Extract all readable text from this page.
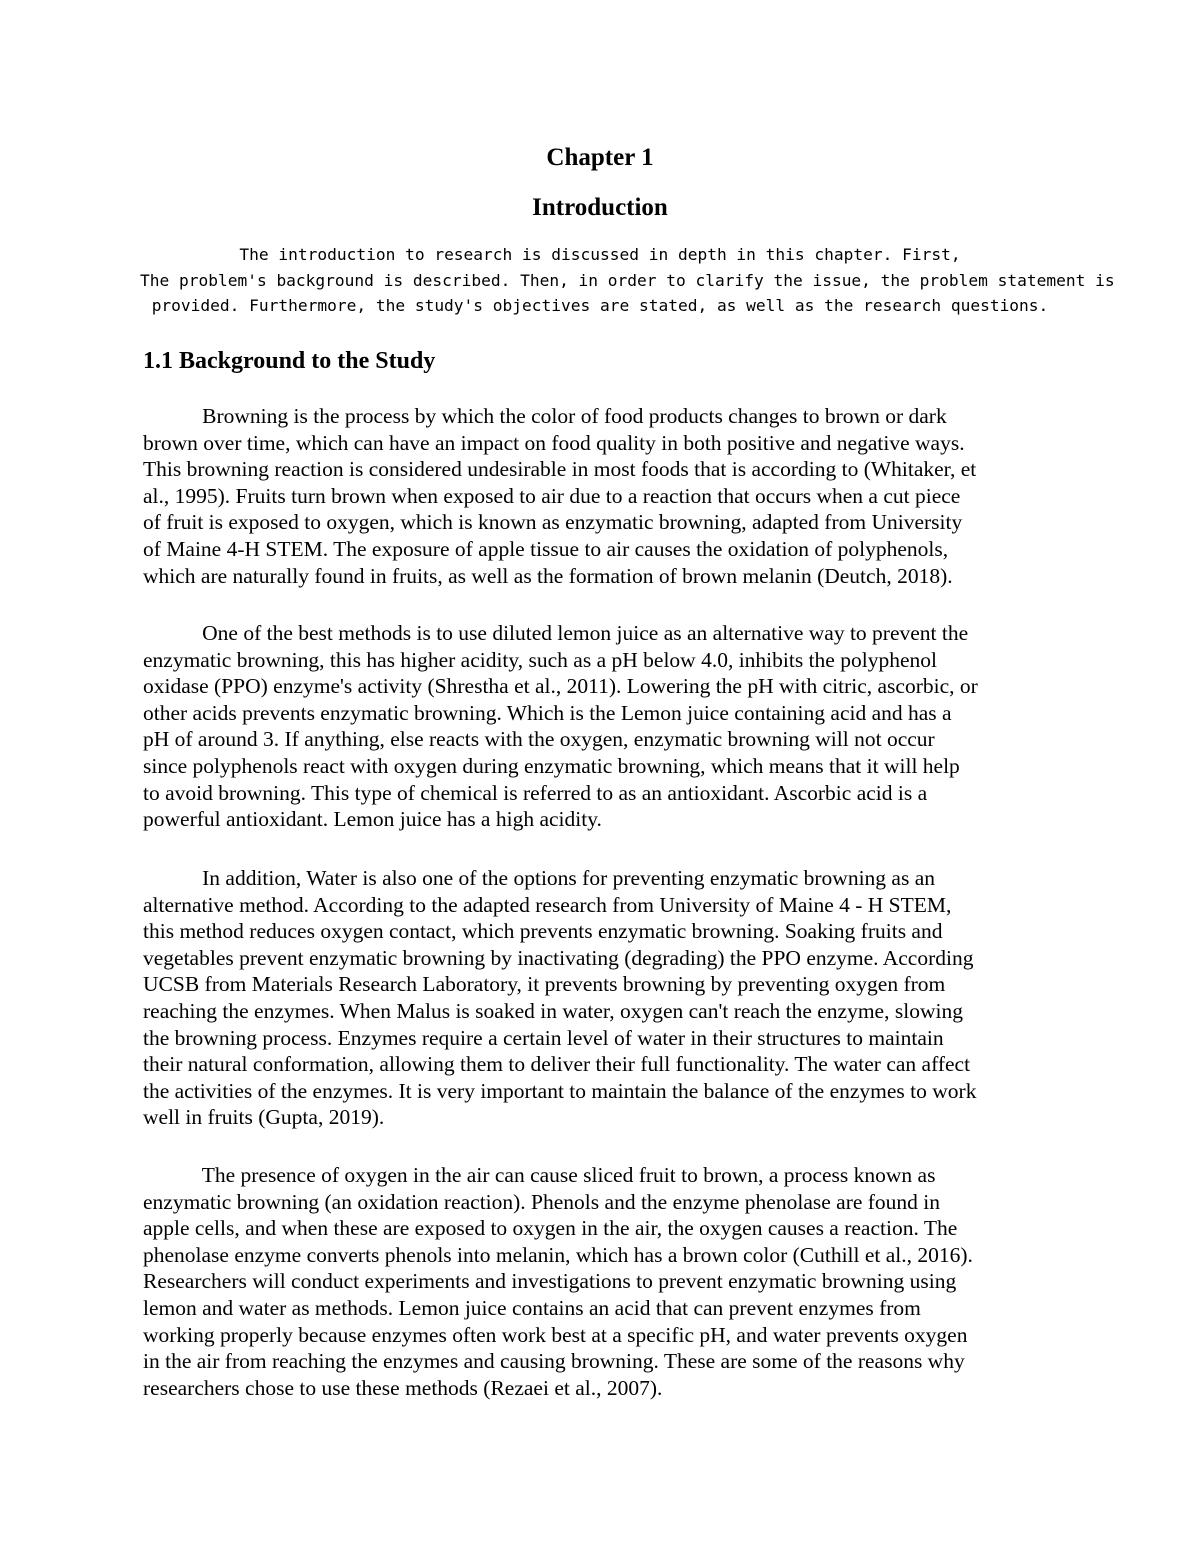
Chapter 1
Introduction
The introduction to research is discussed in depth in this chapter. First,
The problem's background is described. Then, in order to clarify the issue, the problem statement is
provided. Furthermore, the study's objectives are stated, as well as the research questions.
1.1 Background to the Study
Browning is the process by which the color of food products changes to brown or dark
brown over time, which can have an impact on food quality in both positive and negative ways.
This browning reaction is considered undesirable in most foods that is according to (Whitaker, et
al., 1995). Fruits turn brown when exposed to air due to a reaction that occurs when a cut piece
of fruit is exposed to oxygen, which is known as enzymatic browning, adapted from University
of Maine 4-H STEM. The exposure of apple tissue to air causes the oxidation of polyphenols,
which are naturally found in fruits, as well as the formation of brown melanin (Deutch, 2018).
One of the best methods is to use diluted lemon juice as an alternative way to prevent the
enzymatic browning, this has higher acidity, such as a pH below 4.0, inhibits the polyphenol
oxidase (PPO) enzyme's activity (Shrestha et al., 2011). Lowering the pH with citric, ascorbic, or
other acids prevents enzymatic browning. Which is the Lemon juice containing acid and has a
pH of around 3. If anything, else reacts with the oxygen, enzymatic browning will not occur
since polyphenols react with oxygen during enzymatic browning, which means that it will help
to avoid browning. This type of chemical is referred to as an antioxidant. Ascorbic acid is a
powerful antioxidant. Lemon juice has a high acidity.
In addition, Water is also one of the options for preventing enzymatic browning as an
alternative method. According to the adapted research from University of Maine 4 - H STEM,
this method reduces oxygen contact, which prevents enzymatic browning. Soaking fruits and
vegetables prevent enzymatic browning by inactivating (degrading) the PPO enzyme. According
UCSB from Materials Research Laboratory, it prevents browning by preventing oxygen from
reaching the enzymes. When Malus is soaked in water, oxygen can't reach the enzyme, slowing
the browning process. Enzymes require a certain level of water in their structures to maintain
their natural conformation, allowing them to deliver their full functionality. The water can affect
the activities of the enzymes. It is very important to maintain the balance of the enzymes to work
well in fruits (Gupta, 2019).
The presence of oxygen in the air can cause sliced fruit to brown, a process known as
enzymatic browning (an oxidation reaction). Phenols and the enzyme phenolase are found in
apple cells, and when these are exposed to oxygen in the air, the oxygen causes a reaction. The
phenolase enzyme converts phenols into melanin, which has a brown color (Cuthill et al., 2016).
Researchers will conduct experiments and investigations to prevent enzymatic browning using
lemon and water as methods. Lemon juice contains an acid that can prevent enzymes from
working properly because enzymes often work best at a specific pH, and water prevents oxygen
in the air from reaching the enzymes and causing browning. These are some of the reasons why
researchers chose to use these methods (Rezaei et al., 2007).
